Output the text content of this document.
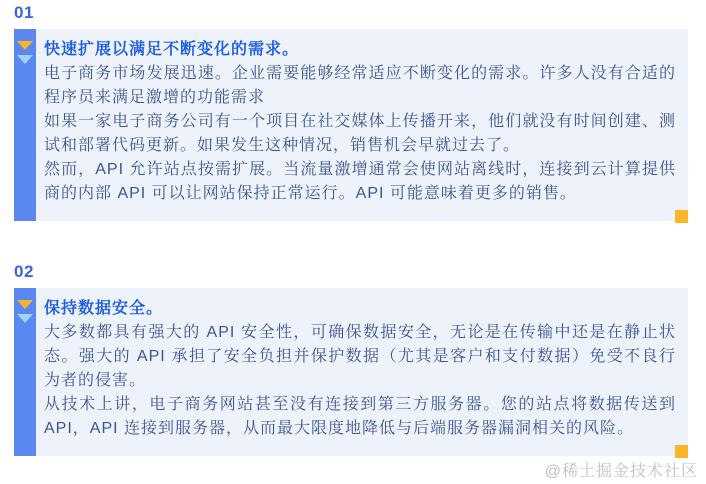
01
快速扩展以满足不断变化的需求。

电子商务市场发展迅速。企业需要能够经常适应不断变化的需求。许多人没有合适的程序员来满足激增的功能需求

如果一家电子商务公司有一个项目在社交媒体上传播开来，他们就没有时间创建、测试和部署代码更新。如果发生这种情况，销售机会早就过去了。

然而，API 允许站点按需扩展。当流量激增通常会使网站离线时，连接到云计算提供商的内部 API 可以让网站保持正常运行。API 可能意味着更多的销售。

02
保持数据安全。

大多数都具有强大的 API 安全性，可确保数据安全，无论是在传输中还是在静止状态。强大的 API 承担了安全负担并保护数据（尤其是客户和支付数据）免受不良行为者的侵害。

从技术上讲，电子商务网站甚至没有连接到第三方服务器。您的站点将数据传送到 API，API 连接到服务器，从而最大限度地降低与后端服务器漏洞相关的风险。

@稀土掘金技术社区
